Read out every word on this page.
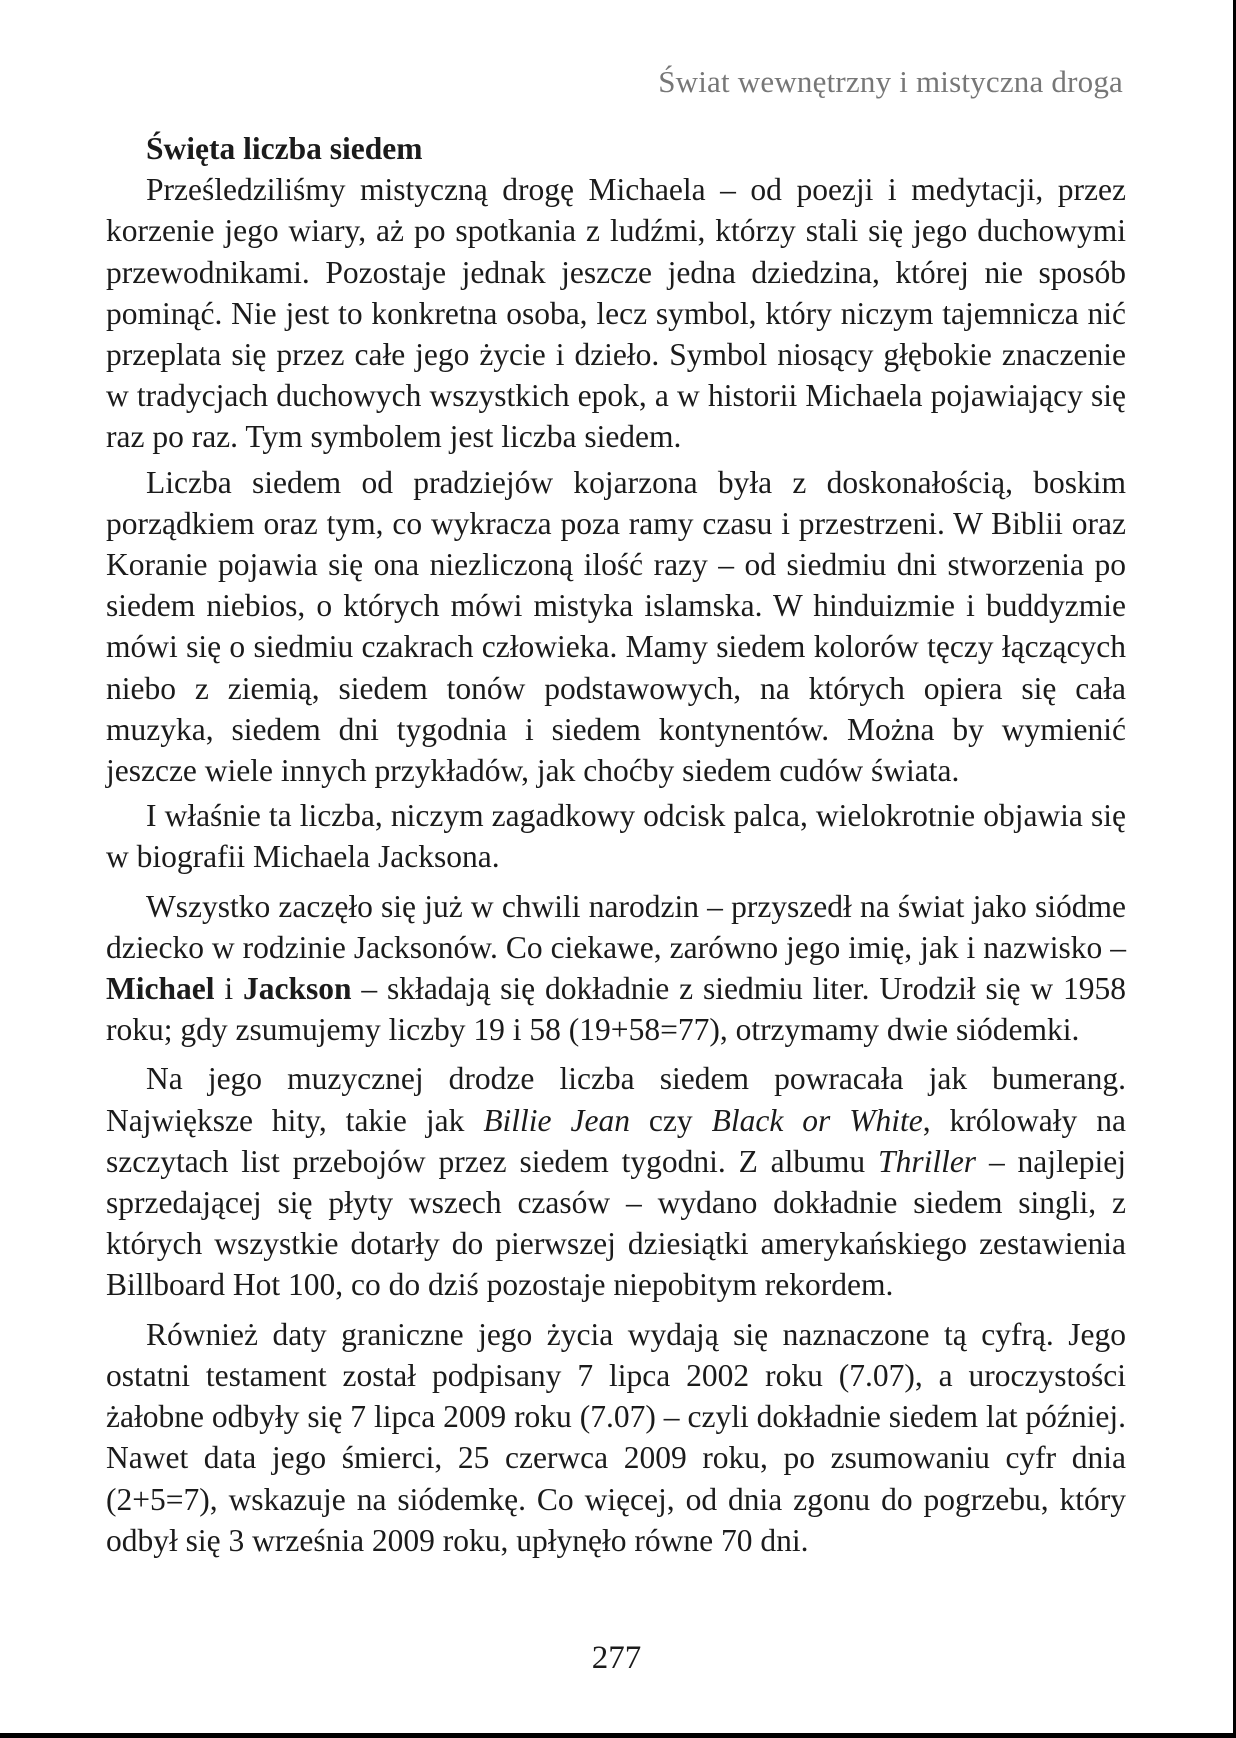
Świat wewnętrzny i mistyczna droga

Święta liczba siedem

Prześledziliśmy mistyczną drogę Michaela – od poezji i medytacji, przez korzenie jego wiary, aż po spotkania z ludźmi, którzy stali się jego duchowymi przewodnikami. Pozostaje jednak jeszcze jedna dziedzina, której nie sposób pominąć. Nie jest to konkretna osoba, lecz symbol, który niczym tajemnicza nić przeplata się przez całe jego życie i dzieło. Symbol niosący głębokie znaczenie w tradycjach duchowych wszystkich epok, a w historii Michaela pojawiający się raz po raz. Tym symbolem jest liczba siedem.

Liczba siedem od pradziejów kojarzona była z doskonałością, boskim porządkiem oraz tym, co wykracza poza ramy czasu i przestrzeni. W Biblii oraz Koranie pojawia się ona niezliczoną ilość razy – od siedmiu dni stworzenia po siedem niebios, o których mówi mistyka islamska. W hinduizmie i buddyzmie mówi się o siedmiu czakrach człowieka. Mamy siedem kolorów tęczy łączących niebo z ziemią, siedem tonów podstawowych, na których opiera się cała muzyka, siedem dni tygodnia i siedem kontynentów. Można by wymienić jeszcze wiele innych przykładów, jak choćby siedem cudów świata.

I właśnie ta liczba, niczym zagadkowy odcisk palca, wielokrotnie objawia się w biografii Michaela Jacksona.

Wszystko zaczęło się już w chwili narodzin – przyszedł na świat jako siódme dziecko w rodzinie Jacksonów. Co ciekawe, zarówno jego imię, jak i nazwisko – Michael i Jackson – składają się dokładnie z siedmiu liter. Urodził się w 1958 roku; gdy zsumujemy liczby 19 i 58 (19+58=77), otrzymamy dwie siódemki.

Na jego muzycznej drodze liczba siedem powracała jak bumerang. Największe hity, takie jak Billie Jean czy Black or White, królowały na szczytach list przebojów przez siedem tygodni. Z albumu Thriller – najlepiej sprzedającej się płyty wszech czasów – wydano dokładnie siedem singli, z których wszystkie dotarły do pierwszej dziesiątki amerykańskiego zestawienia Billboard Hot 100, co do dziś pozostaje niepobitym rekordem.

Również daty graniczne jego życia wydają się naznaczone tą cyfrą. Jego ostatni testament został podpisany 7 lipca 2002 roku (7.07), a uroczystości żałobne odbyły się 7 lipca 2009 roku (7.07) – czyli dokładnie siedem lat później. Nawet data jego śmierci, 25 czerwca 2009 roku, po zsumowaniu cyfr dnia (2+5=7), wskazuje na siódemkę. Co więcej, od dnia zgonu do pogrzebu, który odbył się 3 września 2009 roku, upłynęło równe 70 dni.

277
